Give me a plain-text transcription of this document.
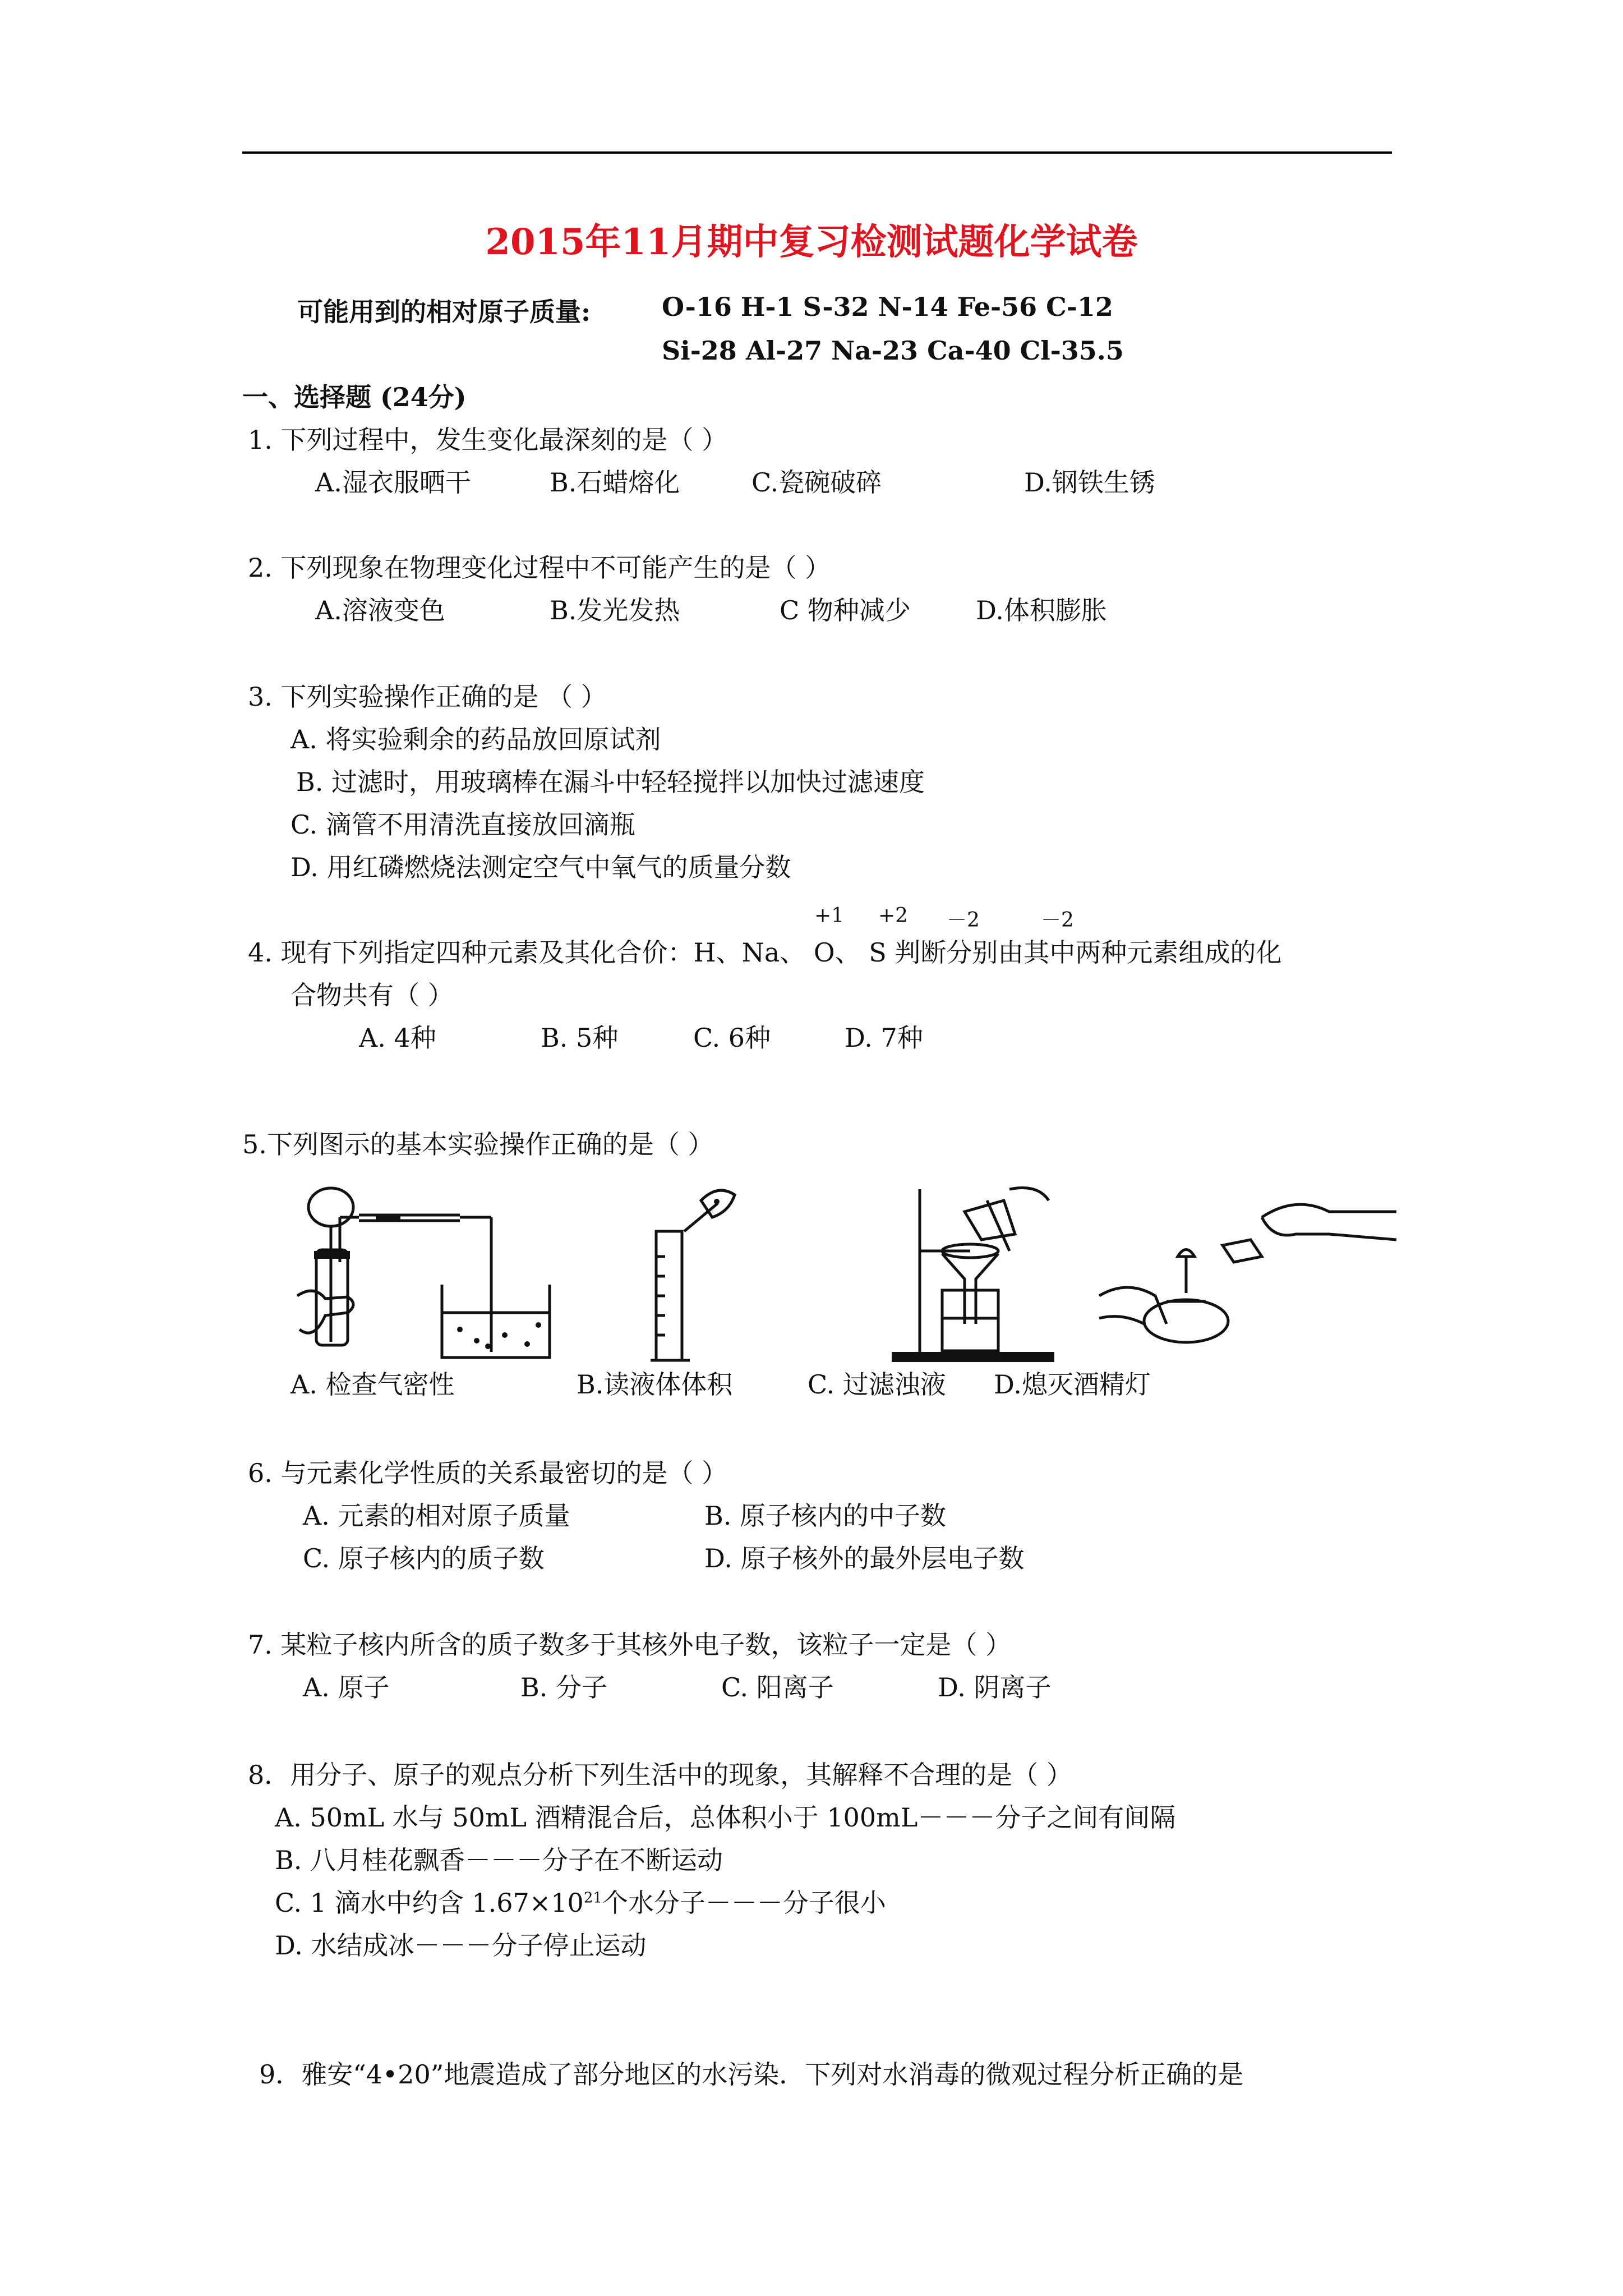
2015年11月期中复习检测试题化学试卷
可能用到的相对原子质量:	O-16 H-1 S-32 N-14 Fe-56 C-12
Si-28 Al-27 Na-23 Ca-40 Cl-35.5
一、选择题 (24分)
1. 下列过程中，发生变化最深刻的是（ ）
A.湿衣服晒干	B.石蜡熔化	C.瓷碗破碎	D.钢铁生锈
2. 下列现象在物理变化过程中不可能产生的是（ ）
A.溶液变色	B.发光发热	C 物种减少	D.体积膨胀
3. 下列实验操作正确的是 （ ）
A. 将实验剩余的药品放回原试剂
B. 过滤时，用玻璃棒在漏斗中轻轻搅拌以加快过滤速度
C. 滴管不用清洗直接放回滴瓶
D. 用红磷燃烧法测定空气中氧气的质量分数
+1 +2 －2	－2
4. 现有下列指定四种元素及其化合价：H、Na、 O、 S 判断分别由其中两种元素组成的化
合物共有（ ）
A. 4种	B. 5种	C. 6种	D. 7种
5.下列图示的基本实验操作正确的是（ ）
A. 检查气密性	B.读液体体积	C. 过滤浊液 D.熄灭酒精灯
6. 与元素化学性质的关系最密切的是（ ）
A. 元素的相对原子质量	B. 原子核内的中子数
C. 原子核内的质子数	D. 原子核外的最外层电子数
7. 某粒子核内所含的质子数多于其核外电子数，该粒子一定是（ ）
A. 原子	B. 分子	C. 阳离子	D. 阴离子
8．用分子、原子的观点分析下列生活中的现象，其解释不合理的是（ ）
A. 50mL 水与 50mL 酒精混合后，总体积小于 100mL－－－分子之间有间隔
B. 八月桂花飘香－－－分子在不断运动
C. 1 滴水中约含 $1.67\times 10^{21}$个水分子－－－分子很小
D. 水结成冰－－－分子停止运动
9．雅安“4•20”地震造成了部分地区的水污染．下列对水消毒的微观过程分析正确的是
